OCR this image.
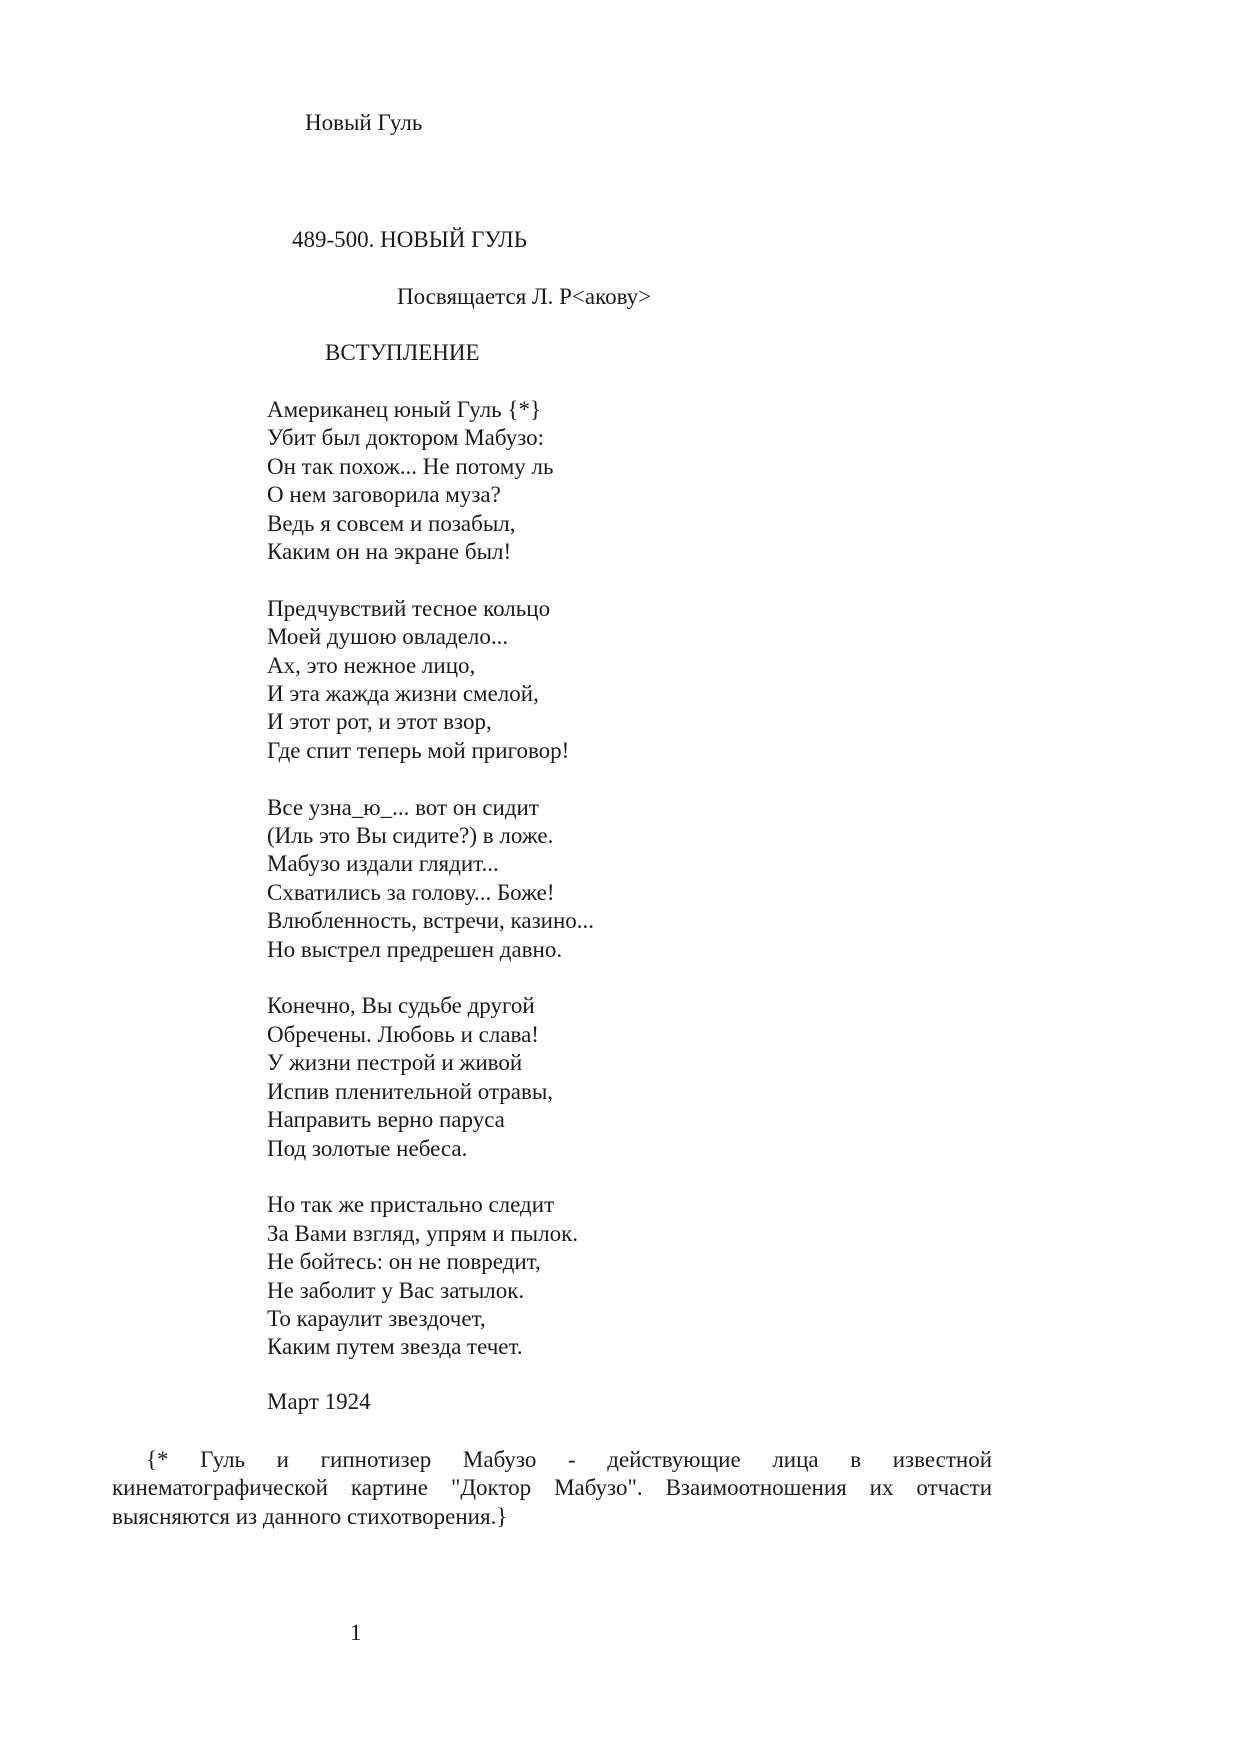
Новый Гуль
489-500. НОВЫЙ ГУЛЬ
Посвящается Л. Р<акову>
ВСТУПЛЕНИЕ
Американец юный Гуль {*}
Убит был доктором Мабузо:
Он так похож... Не потому ль
О нем заговорила муза?
Ведь я совсем и позабыл,
Каким он на экране был!
Предчувствий тесное кольцо
Моей душою овладело...
Ах, это нежное лицо,
И эта жажда жизни смелой,
И этот рот, и этот взор,
Где спит теперь мой приговор!
Все узна_ю_... вот он сидит
(Иль это Вы сидите?) в ложе.
Мабузо издали глядит...
Схватились за голову... Боже!
Влюбленность, встречи, казино...
Но выстрел предрешен давно.
Конечно, Вы судьбе другой
Обречены. Любовь и слава!
У жизни пестрой и живой
Испив пленительной отравы,
Направить верно паруса
Под золотые небеса.
Но так же пристально следит
За Вами взгляд, упрям и пылок.
Не бойтесь: он не повредит,
Не заболит у Вас затылок.
То караулит звездочет,
Каким путем звезда течет.
Март 1924
{* Гуль и гипнотизер Мабузо - действующие лица в известной
кинематографической картине "Доктор Мабузо". Взаимоотношения их отчасти
выясняются из данного стихотворения.}
1
